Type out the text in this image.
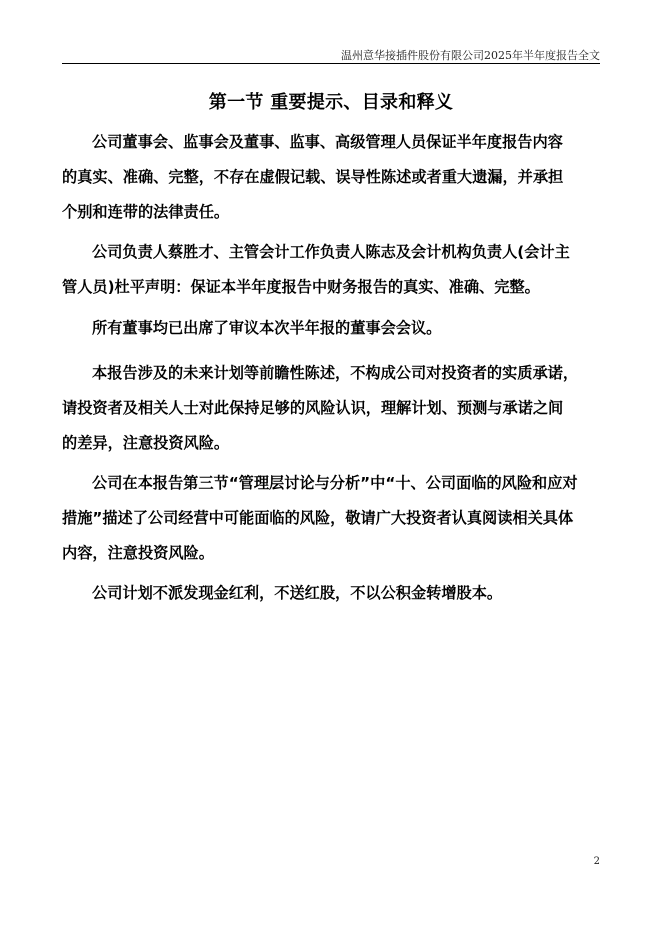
温州意华接插件股份有限公司2025年半年度报告全文
第一节 重要提示、目录和释义
公司董事会、监事会及董事、监事、高级管理人员保证半年度报告内容
的真实、准确、完整，不存在虚假记载、误导性陈述或者重大遗漏，并承担
个别和连带的法律责任。
公司负责人蔡胜才、主管会计工作负责人陈志及会计机构负责人(会计主
管人员)杜平声明：保证本半年度报告中财务报告的真实、准确、完整。
所有董事均已出席了审议本次半年报的董事会会议。
本报告涉及的未来计划等前瞻性陈述，不构成公司对投资者的实质承诺，
请投资者及相关人士对此保持足够的风险认识，理解计划、预测与承诺之间
的差异，注意投资风险。
公司在本报告第三节“管理层讨论与分析”中“十、公司面临的风险和应对
措施”描述了公司经营中可能面临的风险，敬请广大投资者认真阅读相关具体
内容，注意投资风险。
公司计划不派发现金红利，不送红股，不以公积金转增股本。
2
